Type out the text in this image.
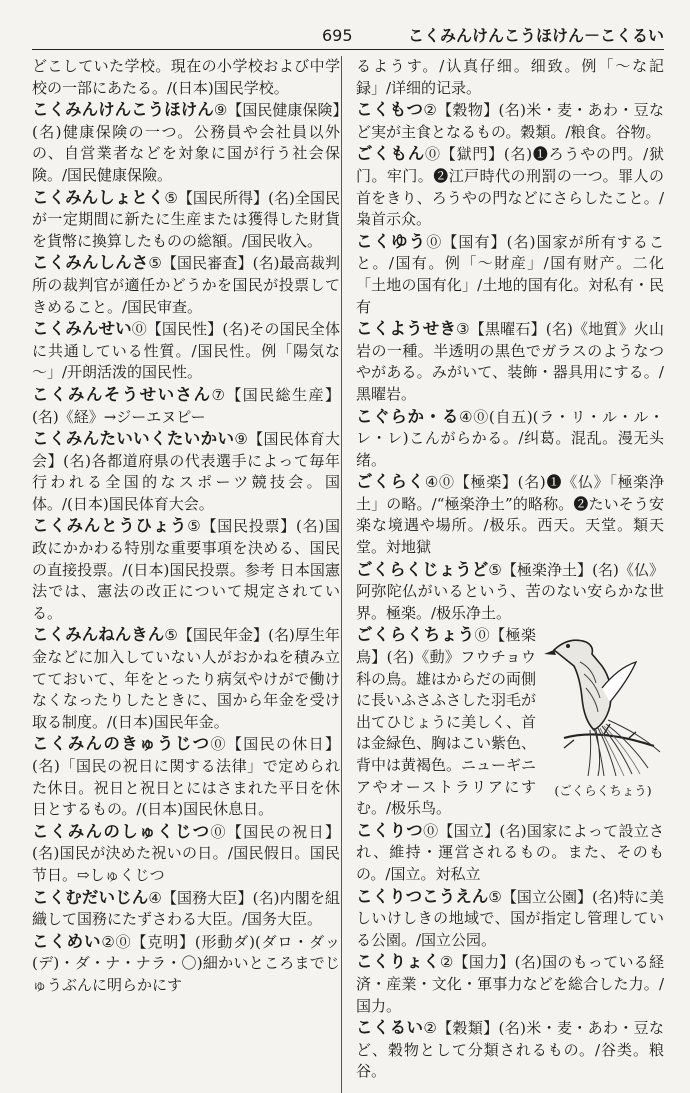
695	こくみんけんこうほけん－こくるい

どこしていた学校。現在の小学校および中学校の一部にあたる。/(日本)国民学校。

こくみんけんこうほけん⑨【国民健康保険】(名)健康保険の一つ。公務員や会社員以外の、自営業者などを対象に国が行う社会保険。/国民健康保險。

こくみんしょとく⑤【国民所得】(名)全国民が一定期間に新たに生産または獲得した財貨を貨幣に換算したものの総額。/国民收入。

こくみんしんさ⑤【国民審査】(名)最高裁判所の裁判官が適任かどうかを国民が投票してきめること。/国民审查。

こくみんせい⓪【国民性】(名)その国民全体に共通している性質。/国民性。例「陽気な～」/开朗活泼的国民性。

こくみんそうせいさん⑦【国民総生産】(名)《経》→ジーエヌピー

こくみんたいいくたいかい⑨【国民体育大会】(名)各都道府県の代表選手によって毎年行われる全国的なスポーツ競技会。国体。/(日本)国民体育大会。

こくみんとうひょう⑤【国民投票】(名)国政にかかわる特別な重要事項を決める、国民の直接投票。/(日本)国民投票。参考 日本国憲法では、憲法の改正について規定されている。

こくみんねんきん⑤【国民年金】(名)厚生年金などに加入していない人がおかねを積み立てておいて、年をとったり病気やけがで働けなくなったりしたときに、国から年金を受け取る制度。/(日本)国民年金。

こくみんのきゅうじつ⓪【国民の休日】(名)「国民の祝日に関する法律」で定められた休日。祝日と祝日とにはさまれた平日を休日とするもの。/(日本)国民休息日。

こくみんのしゅくじつ⓪【国民の祝日】(名)国民が決めた祝いの日。/国民假日。国民节日。⇨しゅくじつ

こくむだいじん④【国務大臣】(名)内閣を組織して国務にたずさわる大臣。/国务大臣。

こくめい②⓪【克明】(形動ダ)(ダロ・ダッ(デ)・ダ・ナ・ナラ・〇)細かいところまでじゅうぶんに明らかにす

るようす。/认真仔细。细致。例「～な記録」/详细的记录。

こくもつ②【穀物】(名)米・麦・あわ・豆など実が主食となるもの。穀類。/粮食。谷物。

ごくもん⓪【獄門】(名)❶ろうやの門。/狱门。牢门。❷江戸時代の刑罰の一つ。罪人の首をきり、ろうやの門などにさらしたこと。/枭首示众。

こくゆう⓪【国有】(名)国家が所有すること。/国有。例「～財産」/国有财产。二化「土地の国有化」/土地的国有化。対私有・民有

こくようせき③【黒曜石】(名)《地質》火山岩の一種。半透明の黒色でガラスのようなつやがある。みがいて、装飾・器具用にする。/黑曜岩。

こぐらか・る④⓪(自五)(ラ・リ・ル・ル・レ・レ)こんがらかる。/纠葛。混乱。漫无头绪。

ごくらく④⓪【極楽】(名)❶《仏》「極楽浄土」の略。/“極楽浄土”的略称。❷たいそう安楽な境遇や場所。/极乐。西天。天堂。類天堂。対地獄

ごくらくじょうど⑤【極楽浄土】(名)《仏》阿弥陀仏がいるという、苦のない安らかな世界。極楽。/极乐净土。

ごくらくちょう
(ごくらくちょう)
⓪【極楽鳥】(名)《動》フウチョウ科の鳥。雄はからだの両側に長いふさふさした羽毛が出てひじょうに美しく、首は金緑色、胸はこい紫色、背中は黄褐色。ニューギニアやオーストラリアにすむ。/极乐鸟。

こくりつ⓪【国立】(名)国家によって設立され、維持・運営されるもの。また、そのもの。/国立。対私立

こくりつこうえん⑤【国立公園】(名)特に美しいけしきの地域で、国が指定し管理している公園。/国立公园。

こくりょく②【国力】(名)国のもっている経済・産業・文化・軍事力などを総合した力。/国力。

こくるい②【穀類】(名)米・麦・あわ・豆など、穀物として分類されるもの。/谷类。粮谷。
